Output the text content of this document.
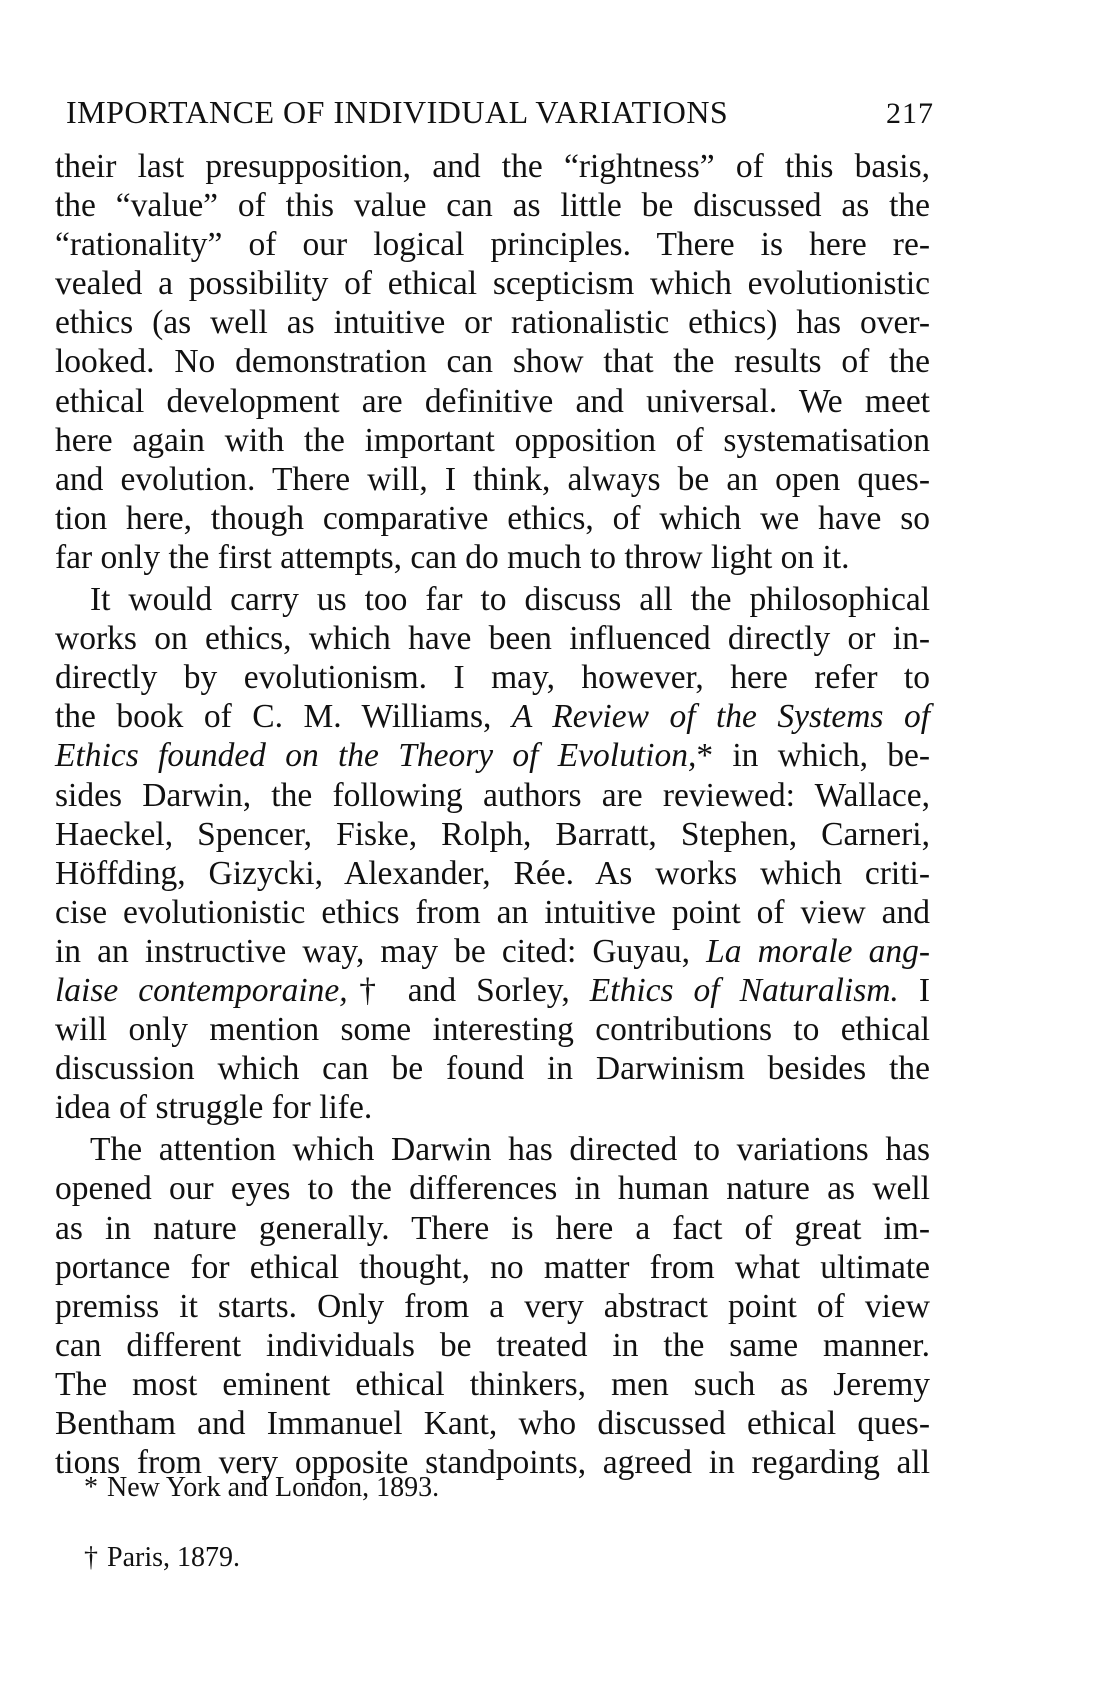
IMPORTANCE OF INDIVIDUAL VARIATIONS	217
their last presupposition, and the “rightness” of this basis,
the “value” of this value can as little be discussed as the
“rationality” of our logical principles. There is here re-
vealed a possibility of ethical scepticism which evolutionistic
ethics (as well as intuitive or rationalistic ethics) has over-
looked. No demonstration can show that the results of the
ethical development are definitive and universal. We meet
here again with the important opposition of systematisation
and evolution. There will, I think, always be an open ques-
tion here, though comparative ethics, of which we have so
far only the first attempts, can do much to throw light on it.
It would carry us too far to discuss all the philosophical
works on ethics, which have been influenced directly or in-
directly by evolutionism. I may, however, here refer to
the book of C. M. Williams, A Review of the Systems of
Ethics founded on the Theory of Evolution,* in which, be-
sides Darwin, the following authors are reviewed: Wallace,
Haeckel, Spencer, Fiske, Rolph, Barratt, Stephen, Carneri,
Höffding, Gizycki, Alexander, Rée. As works which criti-
cise evolutionistic ethics from an intuitive point of view and
in an instructive way, may be cited: Guyau, La morale ang-
laise contemporaine,† and Sorley, Ethics of Naturalism. I
will only mention some interesting contributions to ethical
discussion which can be found in Darwinism besides the
idea of struggle for life.
The attention which Darwin has directed to variations has
opened our eyes to the differences in human nature as well
as in nature generally. There is here a fact of great im-
portance for ethical thought, no matter from what ultimate
premiss it starts. Only from a very abstract point of view
can different individuals be treated in the same manner.
The most eminent ethical thinkers, men such as Jeremy
Bentham and Immanuel Kant, who discussed ethical ques-
tions from very opposite standpoints, agreed in regarding all
* New York and London, 1893.
† Paris, 1879.
